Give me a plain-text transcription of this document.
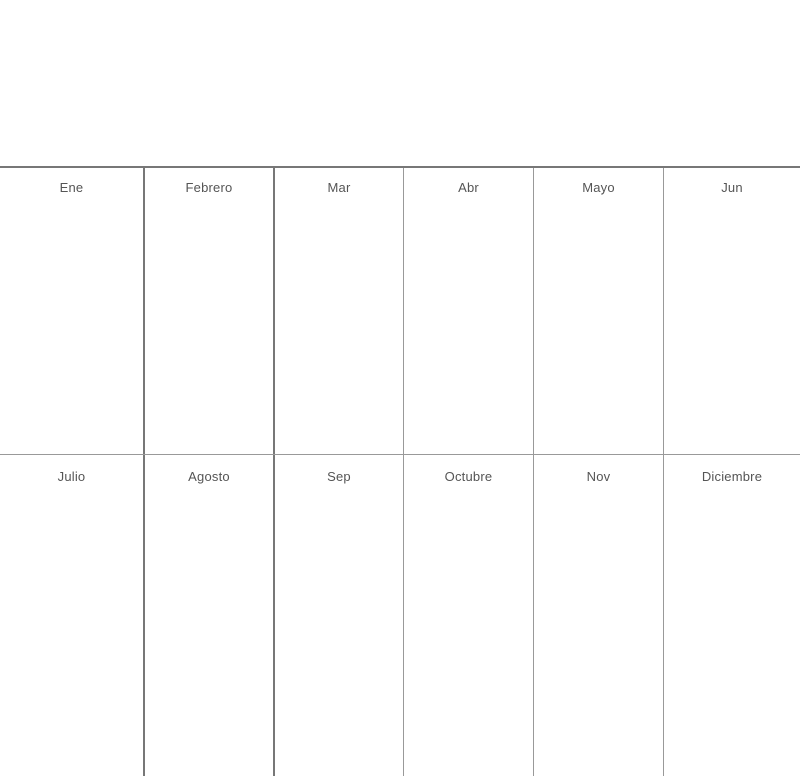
Ene	Febrero	Mar	Abr	Mayo	Jun
Julio	Agosto	Sep	Octubre	Nov	Diciembre
